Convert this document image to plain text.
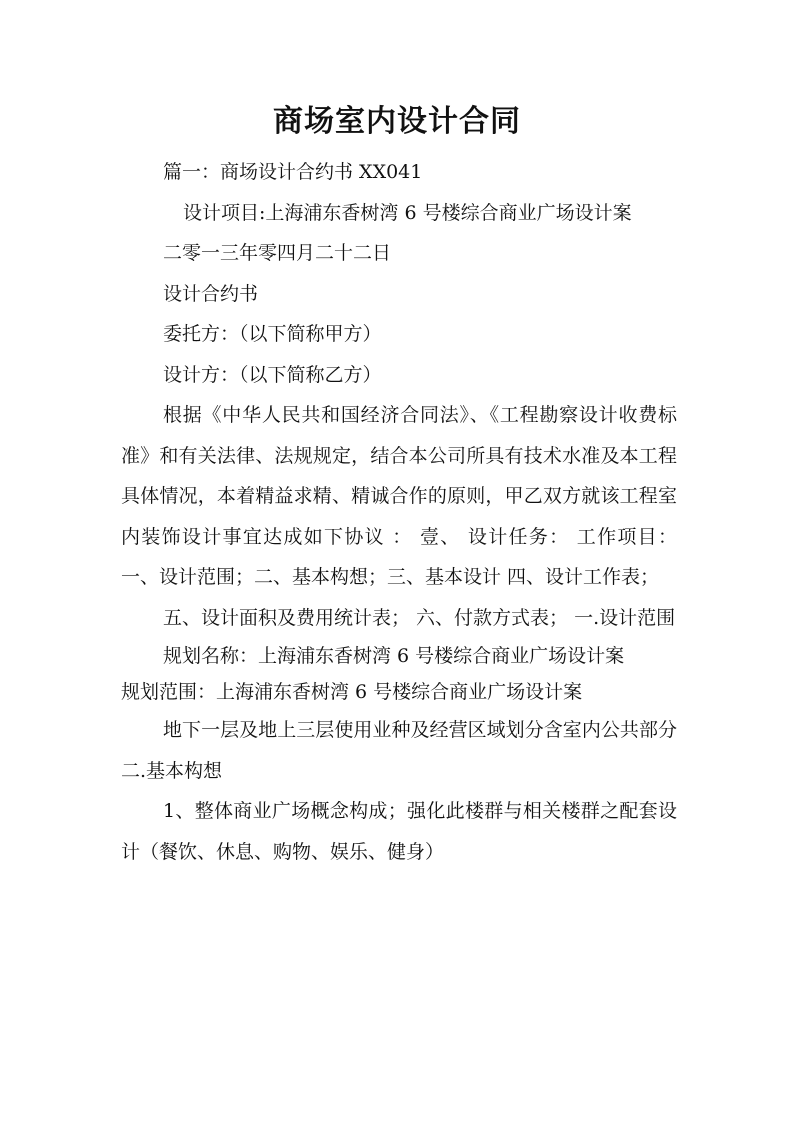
商场室内设计合同

篇一：商场设计合约书 XX041

设计项目:上海浦东香树湾 6 号楼综合商业广场设计案

二零一三年零四月二十二日

设计合约书

委托方：（以下简称甲方）

设计方：（以下简称乙方）

根据《中华人民共和国经济合同法》、《工程勘察设计收费标准》和有关法律、法规规定，结合本公司所具有技术水准及本工程具体情况，本着精益求精、精诚合作的原则，甲乙双方就该工程室内装饰设计事宜达成如下协议 ： 壹、 设计任务： 工作项目：一、设计范围；二、基本构想；三、基本设计 四、设计工作表；

五、设计面积及费用统计表； 六、付款方式表； 一.设计范围

规划名称：上海浦东香树湾 6 号楼综合商业广场设计案

规划范围：上海浦东香树湾 6 号楼综合商业广场设计案

地下一层及地上三层使用业种及经营区域划分含室内公共部分 二.基本构想

1、整体商业广场概念构成；强化此楼群与相关楼群之配套设计（餐饮、休息、购物、娱乐、健身）
